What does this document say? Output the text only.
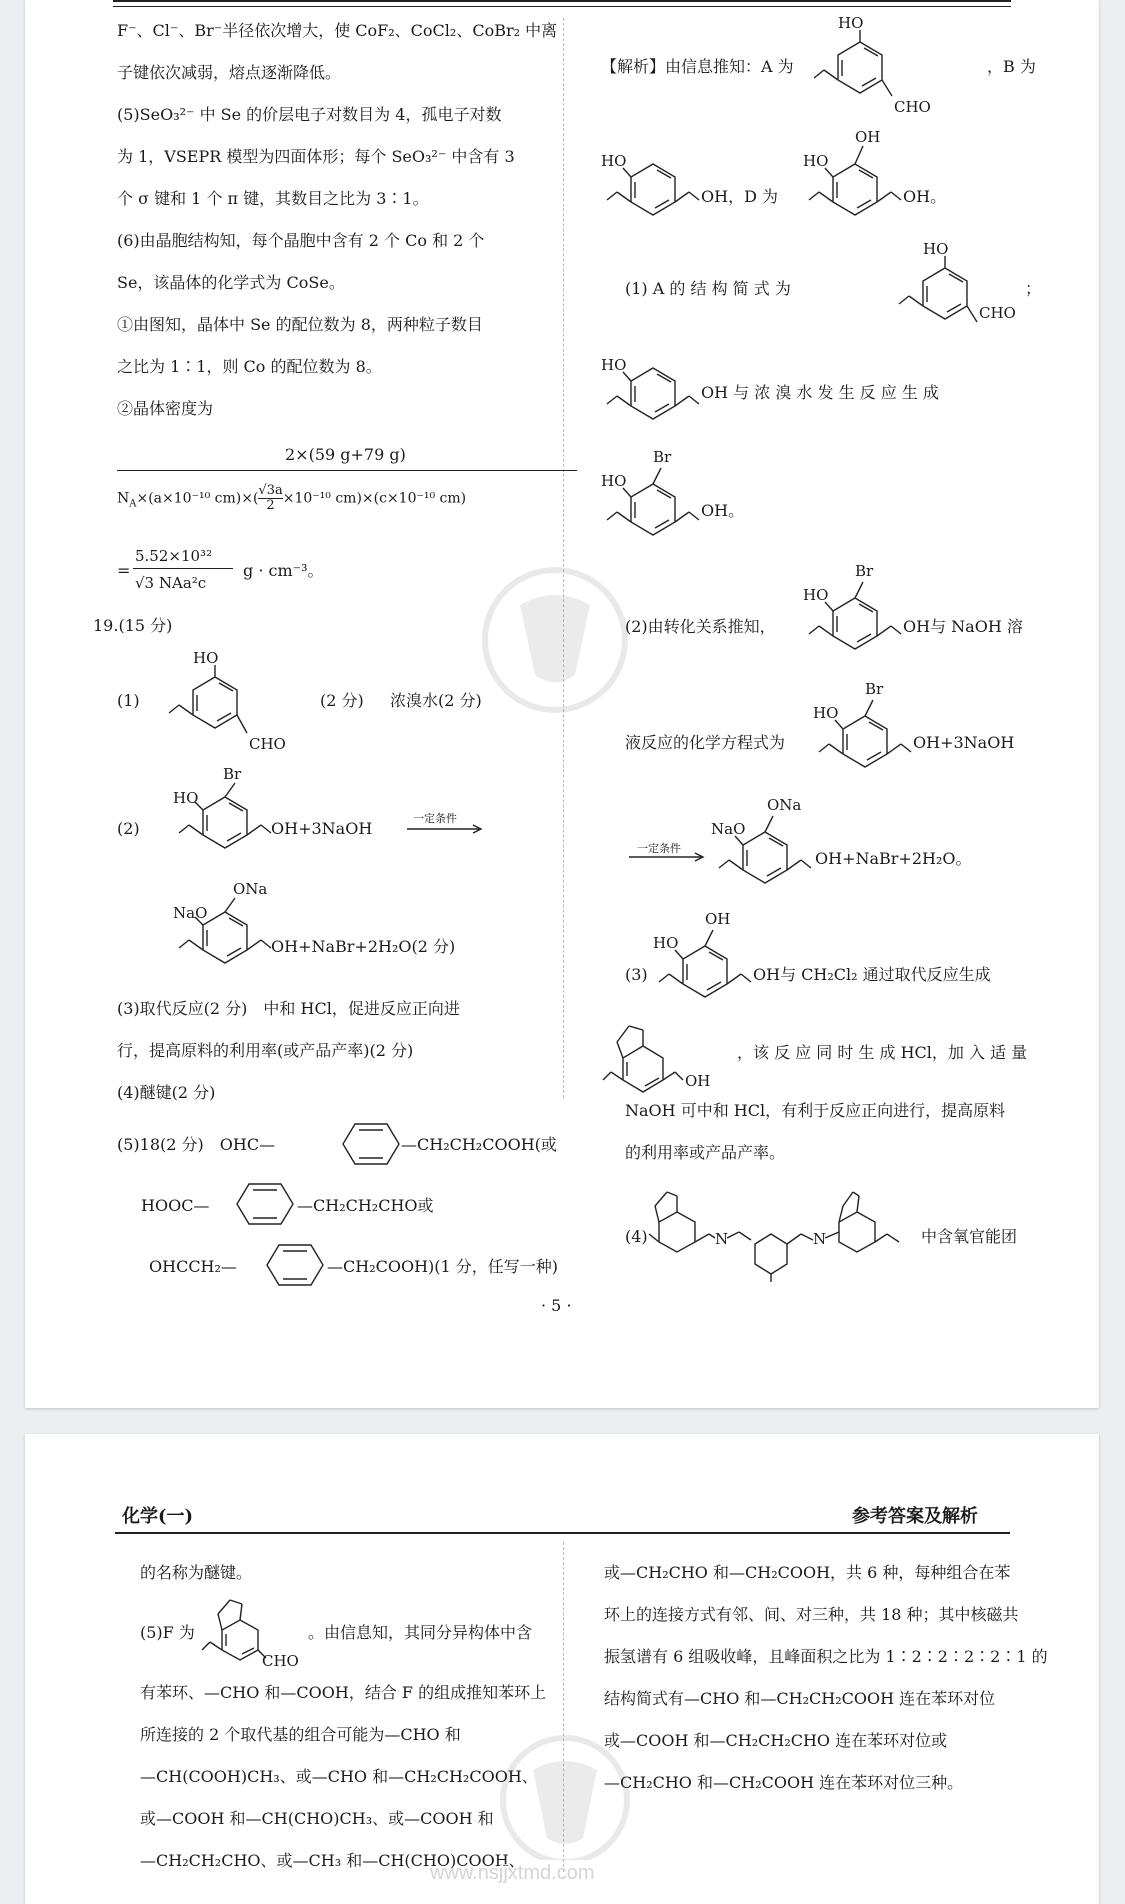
F⁻、Cl⁻、Br⁻半径依次增大，使 CoF₂、CoCl₂、CoBr₂ 中离
子键依次减弱，熔点逐渐降低。
(5)SeO₃²⁻ 中 Se 的价层电子对数目为 4，孤电子对数
为 1，VSEPR 模型为四面体形；每个 SeO₃²⁻ 中含有 3
个 σ 键和 1 个 π 键，其数目之比为 3∶1。
(6)由晶胞结构知，每个晶胞中含有 2 个 Co 和 2 个
Se，该晶体的化学式为 CoSe。
①由图知，晶体中 Se 的配位数为 8，两种粒子数目
之比为 1∶1，则 Co 的配位数为 8。
②晶体密度为
2×(59 g+79 g)
$N_A\times(a\times 10^{-10}$ $cm)\times( \frac{√3a}{2} \times 10^{-10}$ cm)×(c×10⁻¹⁰ cm)
=
5.52×10³²
√3 NAa²c
g · cm⁻³。
19.(15 分)
(1)
HO
CHO
(2 分) 浓溴水(2 分)
(2)
Br
HO
OH+3NaOH
一定条件
ONa
NaO
OH+NaBr+2H₂O(2 分)
(3)取代反应(2 分)　中和 HCl，促进反应正向进
行，提高原料的利用率(或产品产率)(2 分)
(4)醚键(2 分)
(5)18(2 分)　OHC—	—CH₂CH₂COOH(或
HOOC—	—CH₂CH₂CHO或
OHCCH₂—	—CH₂COOH)(1 分，任写一种)
【解析】由信息推知：A 为
HO
CHO
，B 为
HO
OH，D 为
OH
HO
OH。
(1) A 的 结 构 简 式 为
HO
CHO
；
HO
OH 与 浓 溴 水 发 生 反 应 生 成
Br
HO
OH。
(2)由转化关系推知，
Br
HO
OH与 NaOH 溶
液反应的化学方程式为
Br
HO
OH+3NaOH
一定条件
ONa
NaO
OH+NaBr+2H₂O。
(3)
OH
HO
OH与 CH₂Cl₂ 通过取代反应生成
OH
，该 反 应 同 时 生 成 HCl，加 入 适 量
NaOH 可中和 HCl，有利于反应正向进行，提高原料
的利用率或产品产率。
(4)	N	N	中含氧官能团
· 5 ·
化学(一)	参考答案及解析
的名称为醚键。
(5)F 为
CHO
。由信息知，其同分异构体中含
有苯环、—CHO 和—COOH，结合 F 的组成推知苯环上
所连接的 2 个取代基的组合可能为—CHO 和
—CH(COOH)CH₃、或—CHO 和—CH₂CH₂COOH、
或—COOH 和—CH(CHO)CH₃、或—COOH 和
—CH₂CH₂CHO、或—CH₃ 和—CH(CHO)COOH、
或—CH₂CHO 和—CH₂COOH，共 6 种，每种组合在苯
环上的连接方式有邻、间、对三种，共 18 种；其中核磁共
振氢谱有 6 组吸收峰，且峰面积之比为 1∶2∶2∶2∶2∶1 的
结构简式有—CHO 和—CH₂CH₂COOH 连在苯环对位
或—COOH 和—CH₂CH₂CHO 连在苯环对位或
—CH₂CHO 和—CH₂COOH 连在苯环对位三种。
www.nsjjxtmd.com
